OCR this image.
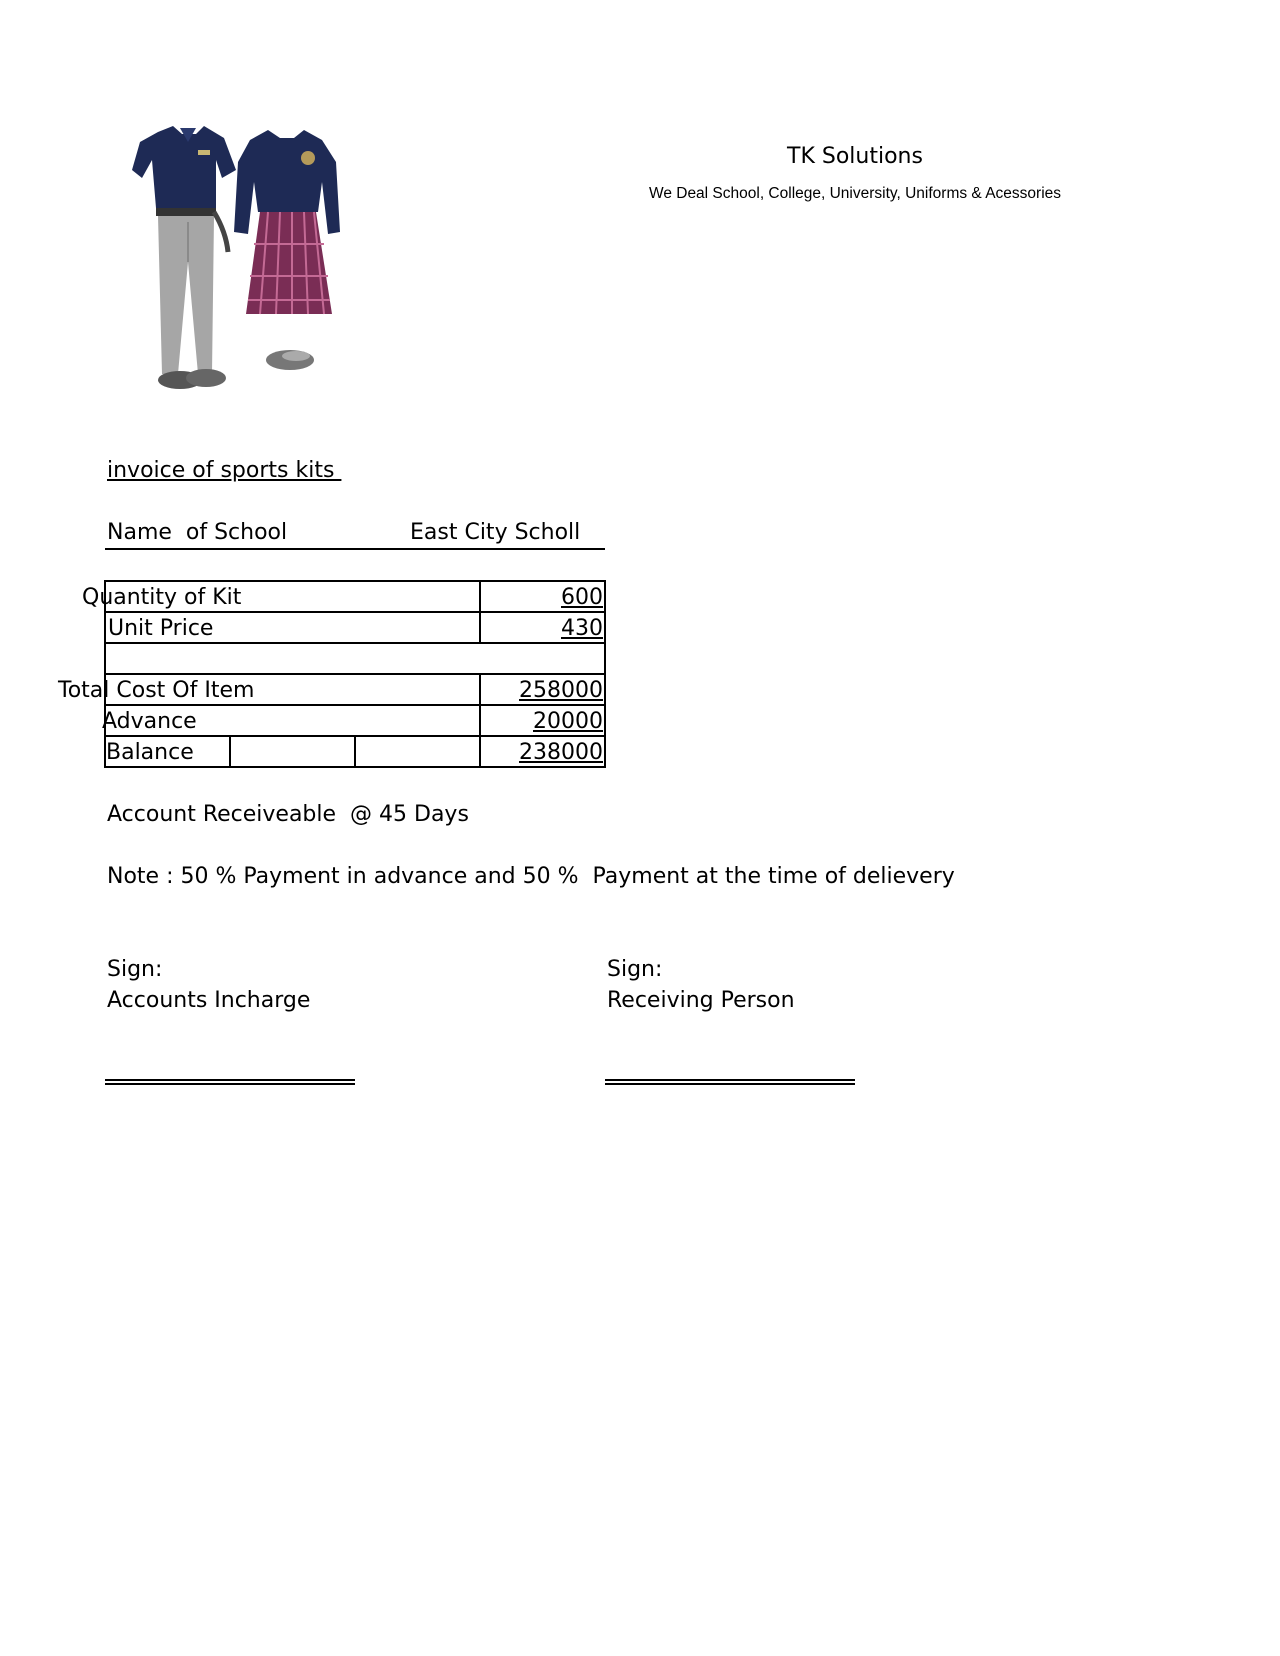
TK Solutions
We Deal School, College, University, Uniforms & Acessories
invoice of sports kits
Name  of School	East City Scholl
Quantity of Kit	600
Unit Price	430
Total Cost Of Item	258000
Advance	20000
Balance	238000
Account Receiveable  @ 45 Days
Note : 50 % Payment in advance and 50 %  Payment at the time of delievery
Sign:
Accounts Incharge
Sign:
Receiving Person
